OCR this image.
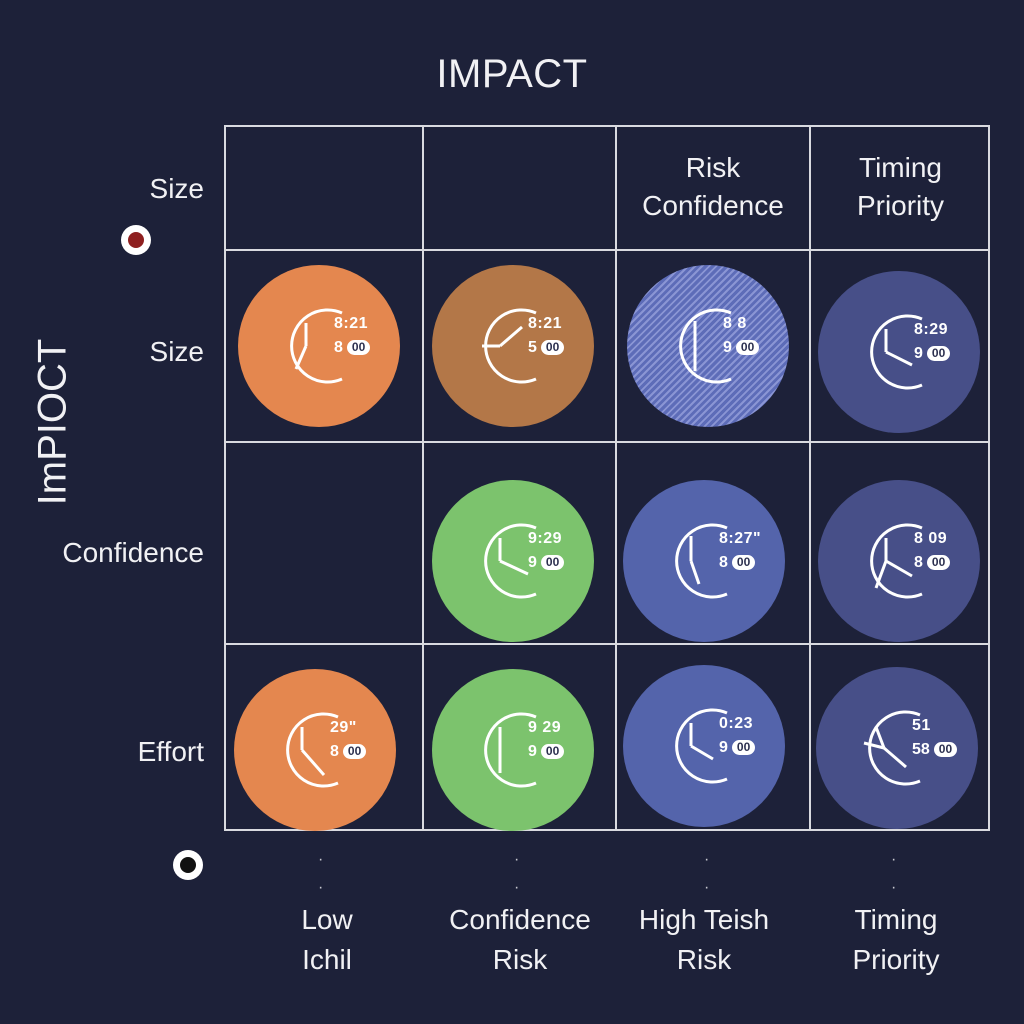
IMPACT
ImPIOCT
Size
Size
Confidence
Effort
Risk
Confidence
Timing
Priority
8:21
8 00
8:21
5 00
8 8
9 00
8:29
9 00
9:29
9 00
8:27"
8 00
8 09
8 00
29"
8 00
9 29
9 00
0:23
9 00
51
58 00
·
·
·
·
·
·
·
·
Low
Ichil
Confidence
Risk
High Teish
Risk
Timing
Priority
